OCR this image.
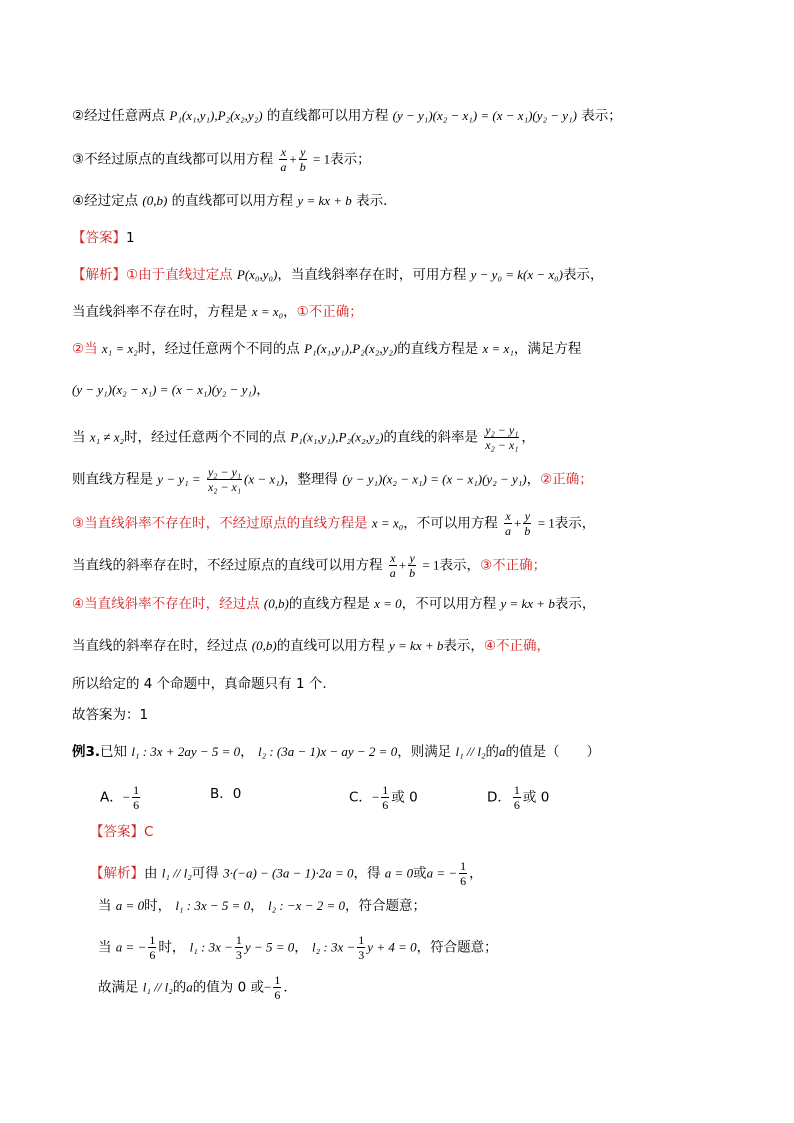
②经过任意两点 P₁(x₁,y₁),P₂(x₂,y₂) 的直线都可以用方程 (y − y₁)(x₂ − x₁) = (x − x₁)(y₂ − y₁) 表示；
③不经过原点的直线都可以用方程 $\frac{x}{a} + \frac{y}{b} = 1$表示；
④经过定点 (0,b) 的直线都可以用方程 y = kx + b 表示．
【答案】1
【解析】①由于直线过定点 P(x₀,y₀)，当直线斜率存在时，可用方程 y − y₀ = k(x − x₀)表示，
当直线斜率不存在时，方程是 x = x₀，①不正确；
②当 x₁ = x₂时，经过任意两个不同的点 P₁(x₁,y₁),P₂(x₂,y₂)的直线方程是 x = x₁，满足方程
(y − y₁)(x₂ − x₁) = (x − x₁)(y₂ − y₁)，
当 x₁ ≠ x₂时，经过任意两个不同的点 P₁(x₁,y₁),P₂(x₂,y₂)的直线的斜率是 $\frac{\text{y₂ − y₁}}{\text{x₂ − x₁}}$ ，
则直线方程是 $y - y_1 = \frac{\text{y₂ − y₁}}{\text{x₂ − x₁}} (x - x_1)$，整理得 (y − y₁)(x₂ − x₁) = (x − x₁)(y₂ − y₁)，②正确；
③当直线斜率不存在时，不经过原点的直线方程是 x = x₀，不可以用方程 $\frac{x}{a} + \frac{y}{b} = 1$表示，
当直线的斜率存在时，不经过原点的直线可以用方程 $\frac{x}{a} + \frac{y}{b} = 1$表示，③不正确；
④当直线斜率不存在时，经过点 (0,b)的直线方程是 x = 0，不可以用方程 y = kx + b表示，
当直线的斜率存在时，经过点 (0,b)的直线可以用方程 y = kx + b表示，④不正确，
所以给定的 4 个命题中，真命题只有 1 个.
故答案为：1
例3.已知 l₁ : 3x + 2ay − 5 = 0， l₂ : (3a − 1)x − ay − 2 = 0，则满足 l₁ // l₂的a的值是（　　）
A．− $\frac{1}{6}$	B．0	C．− $\frac{1}{6}$ 或 0	D． $\frac{1}{6}$ 或 0
【答案】C
【解析】由 l₁ // l₂可得 3·(−a) − (3a − 1)·2a = 0，得 a = 0或a = − $\frac{1}{6}$ ，
当 a = 0时， l₁ : 3x − 5 = 0， l₂ : −x − 2 = 0，符合题意；
当 a = − $\frac{1}{6}$ 时， l₁ : $3x - \frac{1}{3}$ y − 5 = 0， l₂ : $3x - \frac{1}{3}$ y + 4 = 0，符合题意；
故满足 l₁ // l₂的a的值为 0 或− $\frac{1}{6}$ ．
